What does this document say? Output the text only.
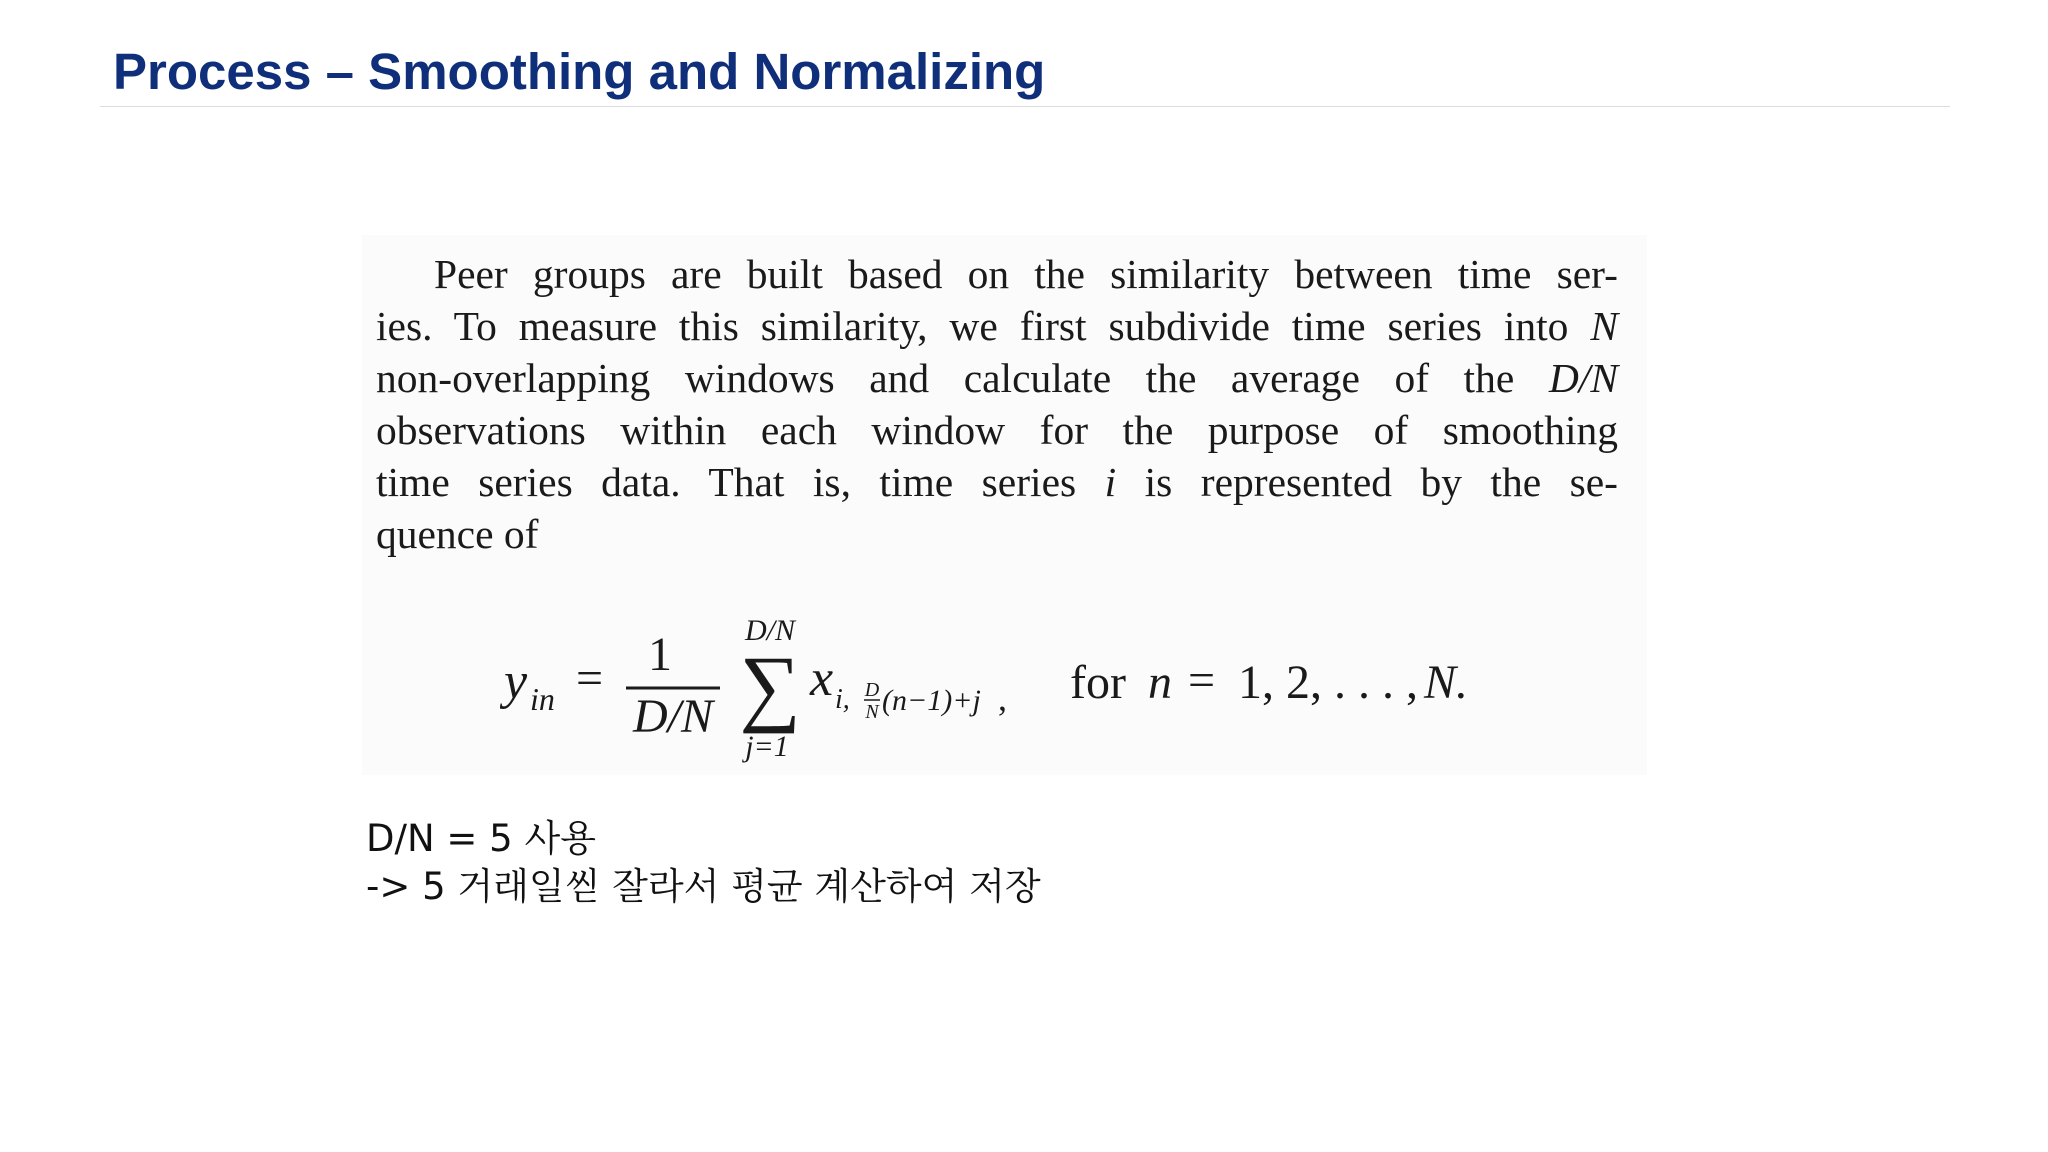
Process – Smoothing and Normalizing

Peer groups are built based on the similarity between time ser-
ies. To measure this similarity, we first subdivide time series into N
non-overlapping windows and calculate the average of the D/N
observations within each window for the purpose of smoothing
time series data. That is, time series i is represented by the se-
quence of

y in = 1
D/N
D/N
∑
j=1
x i, D
N (n−1)+j , for n = 1, 2, . . . ,
N.

D/N = 5 사용
-> 5 거래일씯 잘라서 평균 계산하여 저장
